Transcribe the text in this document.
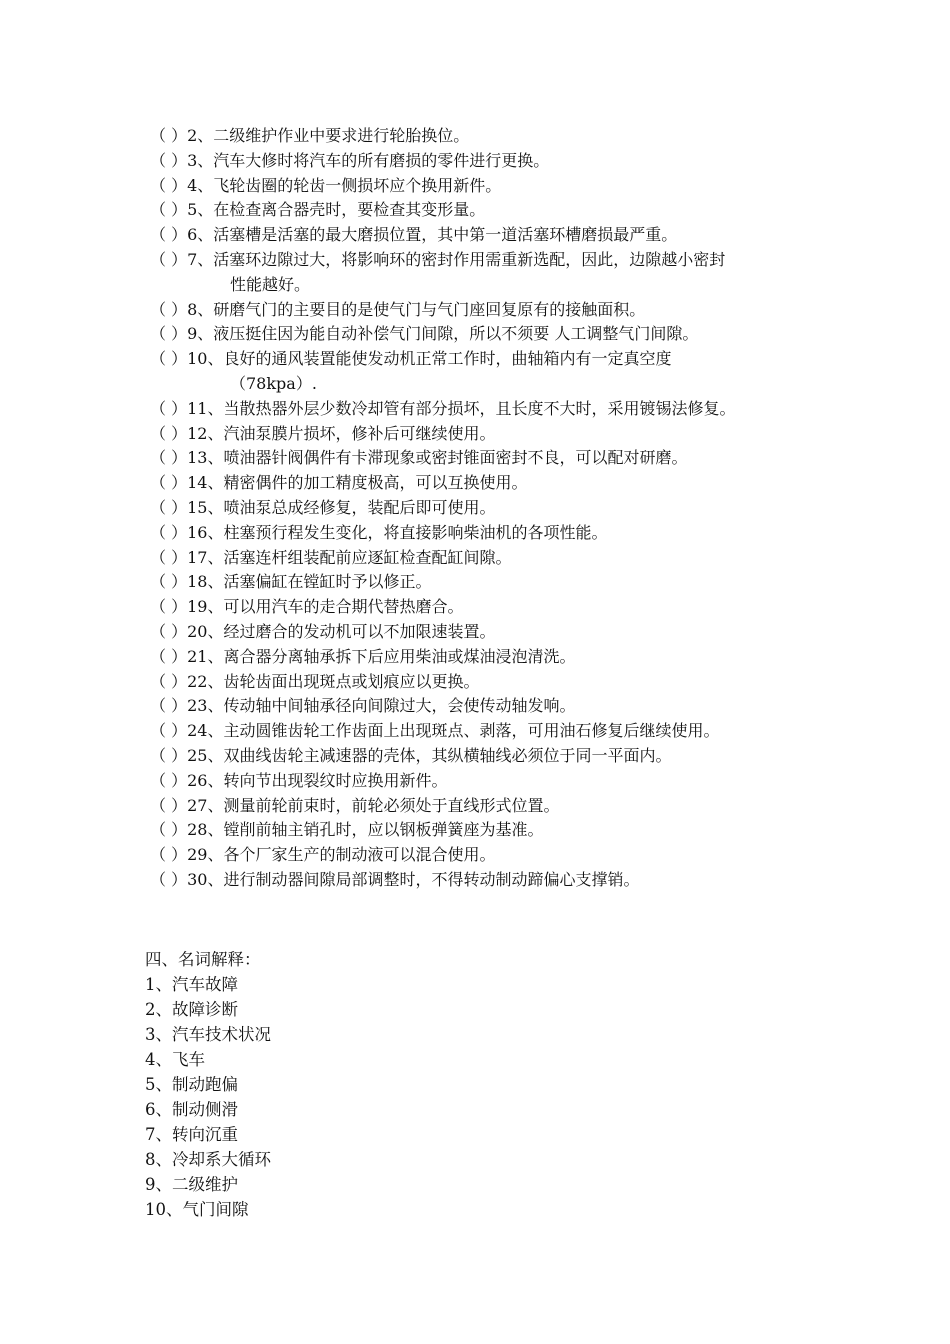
（ ）2、二级维护作业中要求进行轮胎换位。
（ ）3、汽车大修时将汽车的所有磨损的零件进行更换。
（ ）4、飞轮齿圈的轮齿一侧损坏应个换用新件。
（ ）5、在检查离合器壳时，要检查其变形量。
（ ）6、活塞槽是活塞的最大磨损位置，其中第一道活塞环槽磨损最严重。
（ ）7、活塞环边隙过大，将影响环的密封作用需重新选配，因此，边隙越小密封
性能越好。
（ ）8、研磨气门的主要目的是使气门与气门座回复原有的接触面积。
（ ）9、液压挺住因为能自动补偿气门间隙，所以不须要 人工调整气门间隙。
（ ）10、良好的通风装置能使发动机正常工作时，曲轴箱内有一定真空度
（78kpa）.
（ ）11、当散热器外层少数冷却管有部分损坏，且长度不大时，采用镀锡法修复。
（ ）12、汽油泵膜片损坏，修补后可继续使用。
（ ）13、喷油器针阀偶件有卡滞现象或密封锥面密封不良，可以配对研磨。
（ ）14、精密偶件的加工精度极高，可以互换使用。
（ ）15、喷油泵总成经修复，装配后即可使用。
（ ）16、柱塞预行程发生变化，将直接影响柴油机的各项性能。
（ ）17、活塞连杆组装配前应逐缸检查配缸间隙。
（ ）18、活塞偏缸在镗缸时予以修正。
（ ）19、可以用汽车的走合期代替热磨合。
（ ）20、经过磨合的发动机可以不加限速装置。
（ ）21、离合器分离轴承拆下后应用柴油或煤油浸泡清洗。
（ ）22、齿轮齿面出现斑点或划痕应以更换。
（ ）23、传动轴中间轴承径向间隙过大，会使传动轴发响。
（ ）24、主动圆锥齿轮工作齿面上出现斑点、剥落，可用油石修复后继续使用。
（ ）25、双曲线齿轮主减速器的壳体，其纵横轴线必须位于同一平面内。
（ ）26、转向节出现裂纹时应换用新件。
（ ）27、测量前轮前束时，前轮必须处于直线形式位置。
（ ）28、镗削前轴主销孔时，应以钢板弹簧座为基准。
（ ）29、各个厂家生产的制动液可以混合使用。
（ ）30、进行制动器间隙局部调整时，不得转动制动蹄偏心支撑销。
四、名词解释：
1、汽车故障
2、故障诊断
3、汽车技术状况
4、飞车
5、制动跑偏
6、制动侧滑
7、转向沉重
8、冷却系大循环
9、二级维护
10、气门间隙
